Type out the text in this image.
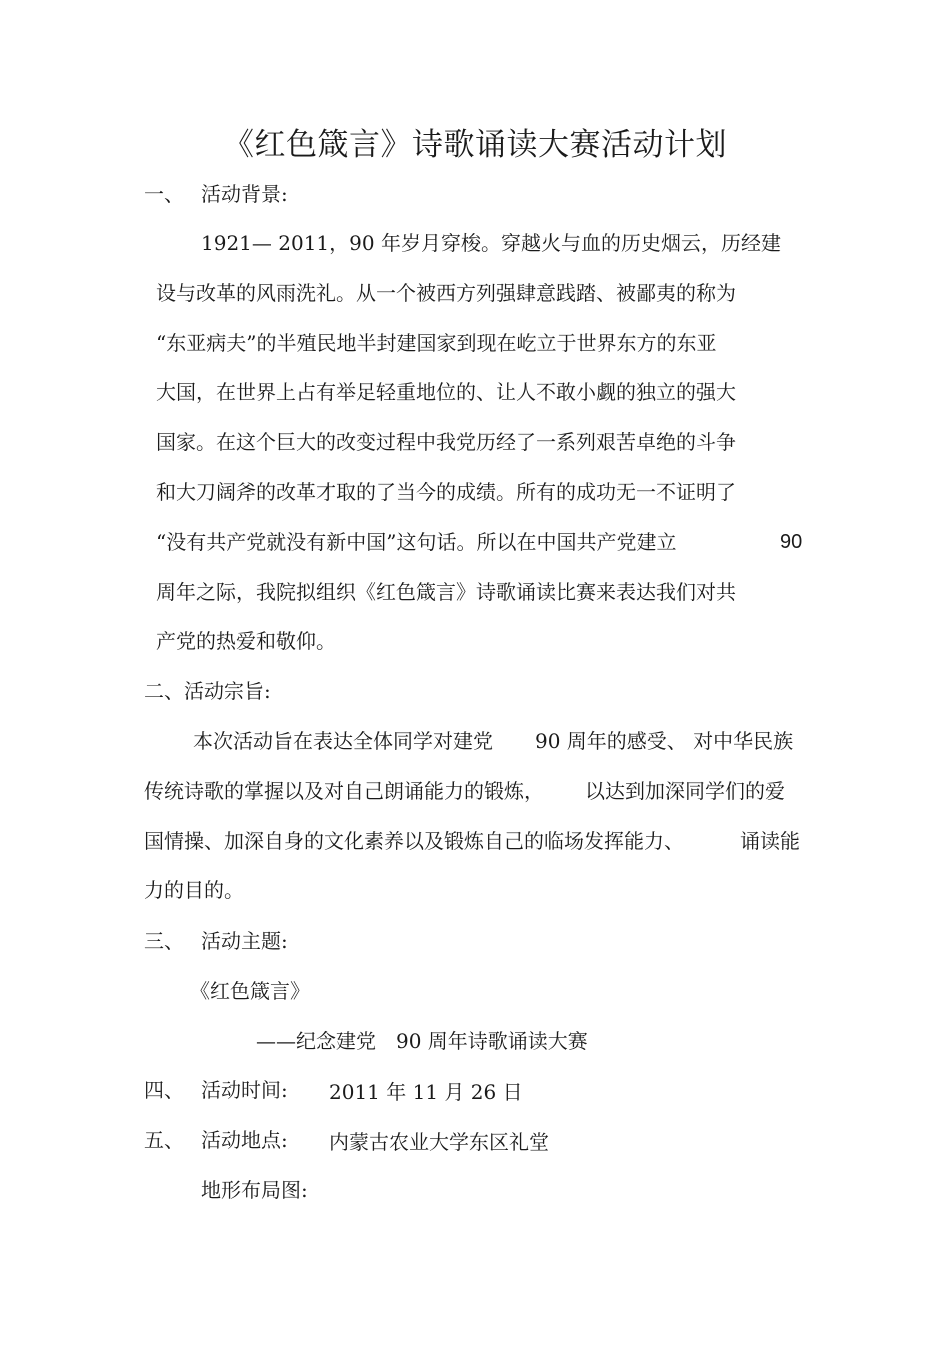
《红色箴言》诗歌诵读大赛活动计划
一、 活动背景:
1921— 2011，90 年岁月穿梭。穿越火与血的历史烟云，历经建
设与改革的风雨洗礼。从一个被西方列强肆意践踏、被鄙夷的称为
“东亚病夫”的半殖民地半封建国家到现在屹立于世界东方的东亚
大国，在世界上占有举足轻重地位的、让人不敢小觑的独立的强大
国家。在这个巨大的改变过程中我党历经了一系列艰苦卓绝的斗争
和大刀阔斧的改革才取的了当今的成绩。所有的成功无一不证明了
“没有共产党就没有新中国”这句话。所以在中国共产党建立	90
周年之际，我院拟组织《红色箴言》诗歌诵读比赛来表达我们对共
产党的热爱和敬仰。
二、活动宗旨:
本次活动旨在表达全体同学对建党 90 周年的感受、 对中华民族
传统诗歌的掌握以及对自己朗诵能力的锻炼， 以达到加深同学们的爱
国情操、加深自身的文化素养以及锻炼自己的临场发挥能力、	诵读能
力的目的。
三、 活动主题:
《红色箴言》
——纪念建党 90 周年诗歌诵读大赛
四、 活动时间: 2011 年 11 月 26 日
五、 活动地点: 内蒙古农业大学东区礼堂
地形布局图:
